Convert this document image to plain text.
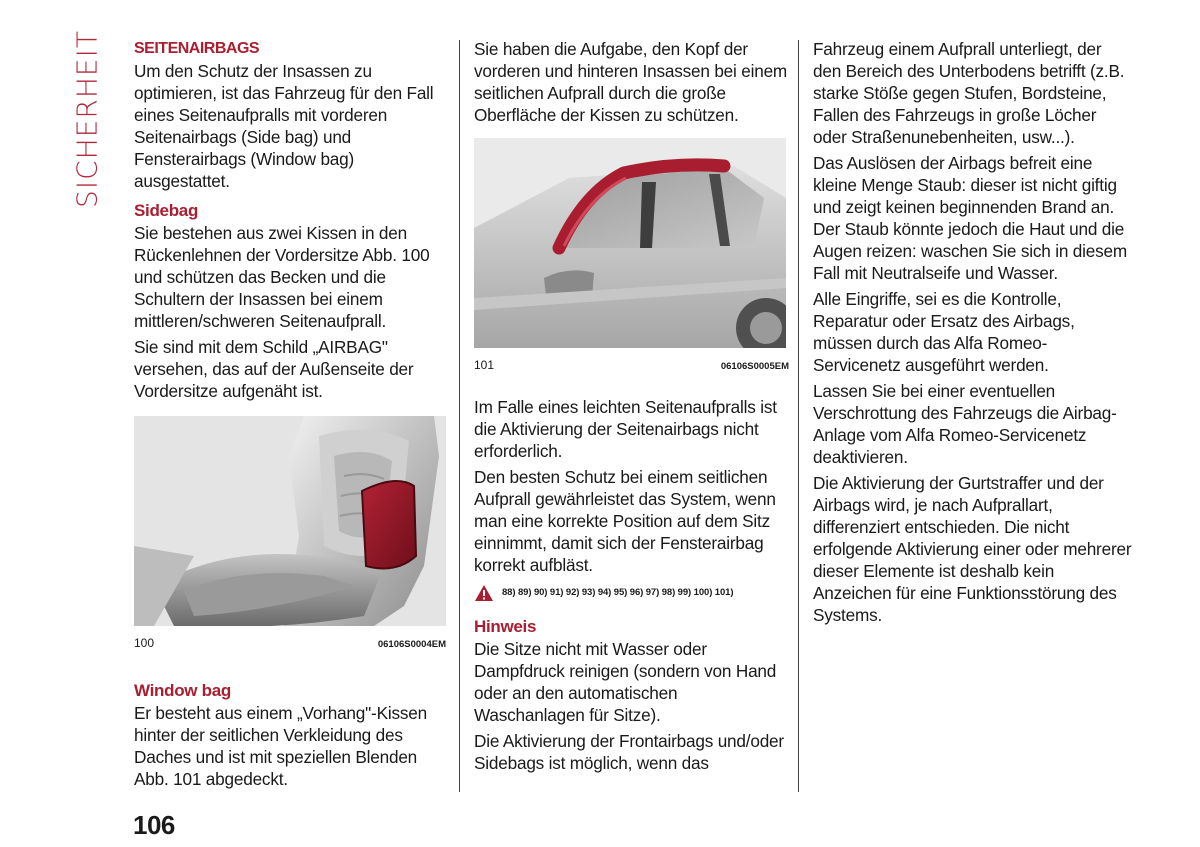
SICHERHEIT SEITENAIRBAGS

Um den Schutz der Insassen zu optimieren, ist das Fahrzeug für den Fall eines Seitenaufpralls mit vorderen Seitenairbags (Side bag) und Fensterairbags (Window bag) ausgestattet.

Sidebag

Sie bestehen aus zwei Kissen in den Rückenlehnen der Vordersitze Abb. 100 und schützen das Becken und die Schultern der Insassen bei einem mittleren/schweren Seitenaufprall.

Sie sind mit dem Schild „AIRBAG" versehen, das auf der Außenseite der Vordersitze aufgenäht ist.

100	06106S0004EM
Window bag

Er besteht aus einem „Vorhang"-Kissen hinter der seitlichen Verkleidung des Daches und ist mit speziellen Blenden Abb. 101 abgedeckt.

Sie haben die Aufgabe, den Kopf der vorderen und hinteren Insassen bei einem seitlichen Aufprall durch die große Oberfläche der Kissen zu schützen.

101	06106S0005EM

Im Falle eines leichten Seitenaufpralls ist die Aktivierung der Seitenairbags nicht erforderlich.

Den besten Schutz bei einem seitlichen Aufprall gewährleistet das System, wenn man eine korrekte Position auf dem Sitz einnimmt, damit sich der Fensterairbag korrekt aufbläst.

88) 89) 90) 91) 92) 93) 94) 95) 96) 97) 98) 99) 100) 101)
Hinweis

Die Sitze nicht mit Wasser oder Dampfdruck reinigen (sondern von Hand oder an den automatischen Waschanlagen für Sitze).

Die Aktivierung der Frontairbags und/oder Sidebags ist möglich, wenn das

Fahrzeug einem Aufprall unterliegt, der den Bereich des Unterbodens betrifft (z.B. starke Stöße gegen Stufen, Bordsteine, Fallen des Fahrzeugs in große Löcher oder Straßenunebenheiten, usw...).

Das Auslösen der Airbags befreit eine kleine Menge Staub: dieser ist nicht giftig und zeigt keinen beginnenden Brand an. Der Staub könnte jedoch die Haut und die Augen reizen: waschen Sie sich in diesem Fall mit Neutralseife und Wasser.

Alle Eingriffe, sei es die Kontrolle, Reparatur oder Ersatz des Airbags, müssen durch das Alfa Romeo-Servicenetz ausgeführt werden.

Lassen Sie bei einer eventuellen Verschrottung des Fahrzeugs die Airbag-Anlage vom Alfa Romeo-Servicenetz deaktivieren.

Die Aktivierung der Gurtstraffer und der Airbags wird, je nach Aufprallart, differenziert entschieden. Die nicht erfolgende Aktivierung einer oder mehrerer dieser Elemente ist deshalb kein Anzeichen für eine Funktionsstörung des Systems.

106
